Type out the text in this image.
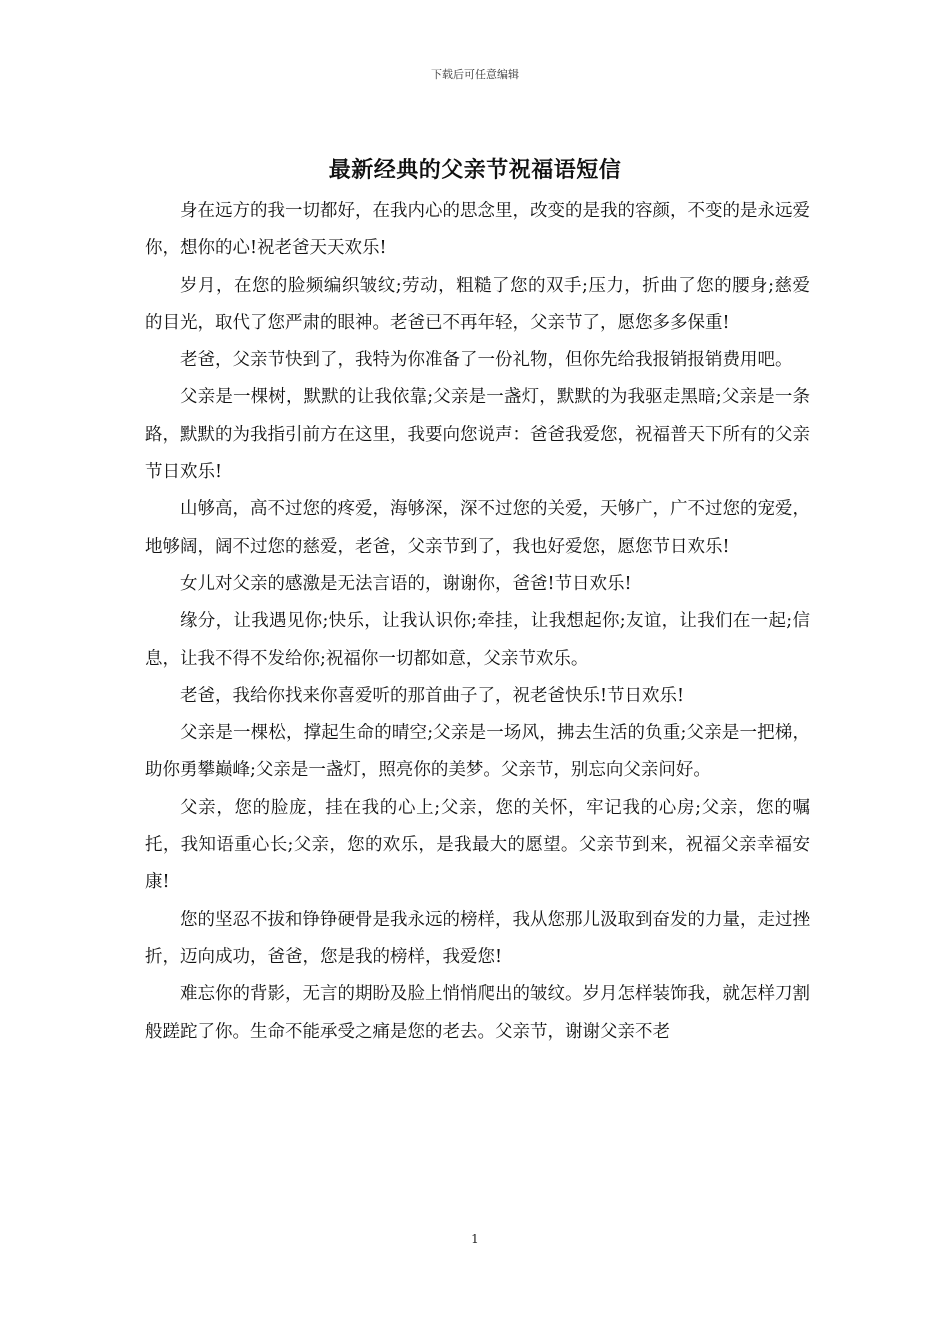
下载后可任意编辑
最新经典的父亲节祝福语短信

身在远方的我一切都好，在我内心的思念里，改变的是我的容颜，不变的是永远爱你，想你的心!祝老爸天天欢乐!

岁月，在您的脸频编织皱纹;劳动，粗糙了您的双手;压力，折曲了您的腰身;慈爱的目光，取代了您严肃的眼神。老爸已不再年轻，父亲节了，愿您多多保重!

老爸，父亲节快到了，我特为你准备了一份礼物，但你先给我报销报销费用吧。

父亲是一棵树，默默的让我依靠;父亲是一盏灯，默默的为我驱走黑暗;父亲是一条路，默默的为我指引前方在这里，我要向您说声：爸爸我爱您，祝福普天下所有的父亲节日欢乐!

山够高，高不过您的疼爱，海够深，深不过您的关爱，天够广，广不过您的宠爱，地够阔，阔不过您的慈爱，老爸，父亲节到了，我也好爱您，愿您节日欢乐!

女儿对父亲的感激是无法言语的，谢谢你，爸爸!节日欢乐!

缘分，让我遇见你;快乐，让我认识你;牵挂，让我想起你;友谊，让我们在一起;信息，让我不得不发给你;祝福你一切都如意，父亲节欢乐。

老爸，我给你找来你喜爱听的那首曲子了，祝老爸快乐!节日欢乐!

父亲是一棵松，撑起生命的晴空;父亲是一场风，拂去生活的负重;父亲是一把梯，助你勇攀巅峰;父亲是一盏灯，照亮你的美梦。父亲节，别忘向父亲问好。

父亲，您的脸庞，挂在我的心上;父亲，您的关怀，牢记我的心房;父亲，您的嘱托，我知语重心长;父亲，您的欢乐，是我最大的愿望。父亲节到来，祝福父亲幸福安康!

您的坚忍不拔和铮铮硬骨是我永远的榜样，我从您那儿汲取到奋发的力量，走过挫折，迈向成功，爸爸，您是我的榜样，我爱您!

难忘你的背影，无言的期盼及脸上悄悄爬出的皱纹。岁月怎样装饰我，就怎样刀割般蹉跎了你。生命不能承受之痛是您的老去。父亲节，谢谢父亲不老

1
